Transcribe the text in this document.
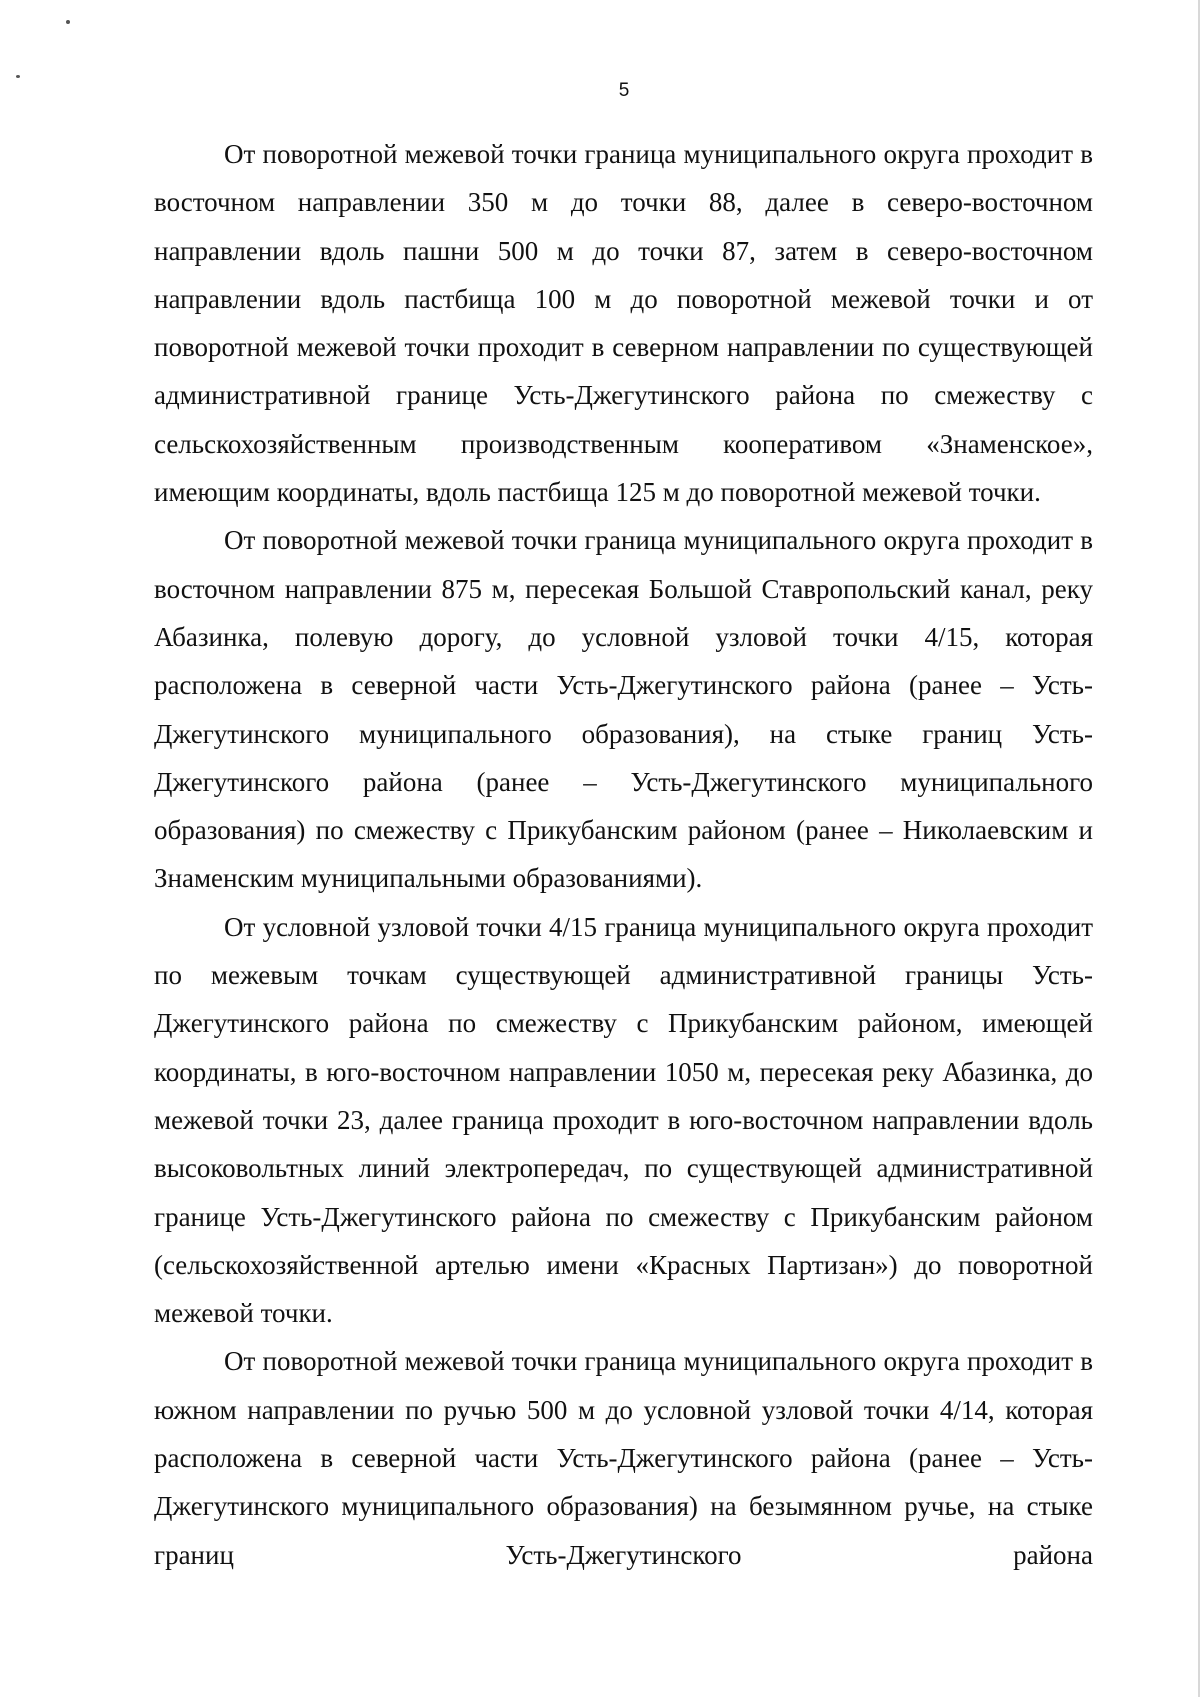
5

От поворотной межевой точки граница муниципального округа проходит в восточном направлении 350 м до точки 88, далее в северо-восточном направлении вдоль пашни 500 м до точки 87, затем в северо-восточном направлении вдоль пастбища 100 м до поворотной межевой точки и от поворотной межевой точки проходит в северном направлении по существующей административной границе Усть-Джегутинского района по смежеству с сельскохозяйственным производственным кооперативом «Знаменское», имеющим координаты, вдоль пастбища 125 м до поворотной межевой точки.

От поворотной межевой точки граница муниципального округа проходит в восточном направлении 875 м, пересекая Большой Ставропольский канал, реку Абазинка, полевую дорогу, до условной узловой точки 4/15, которая расположена в северной части Усть-Джегутинского района (ранее – Усть-Джегутинского муниципального образования), на стыке границ Усть-Джегутинского района (ранее – Усть-Джегутинского муниципального образования) по смежеству с Прикубанским районом (ранее – Николаевским и Знаменским муниципальными образованиями).

От условной узловой точки 4/15 граница муниципального округа проходит по межевым точкам существующей административной границы Усть-Джегутинского района по смежеству с Прикубанским районом, имеющей координаты, в юго-восточном направлении 1050 м, пересекая реку Абазинка, до межевой точки 23, далее граница проходит в юго-восточном направлении вдоль высоковольтных линий электропередач, по существующей административной границе Усть-Джегутинского района по смежеству с Прикубанским районом (сельскохозяйственной артелью имени «Красных Партизан») до поворотной межевой точки.

От поворотной межевой точки граница муниципального округа проходит в южном направлении по ручью 500 м до условной узловой точки 4/14, которая расположена в северной части Усть-Джегутинского района (ранее – Усть-Джегутинского муниципального образования) на безымянном ручье, на стыке границ Усть-Джегутинского района
